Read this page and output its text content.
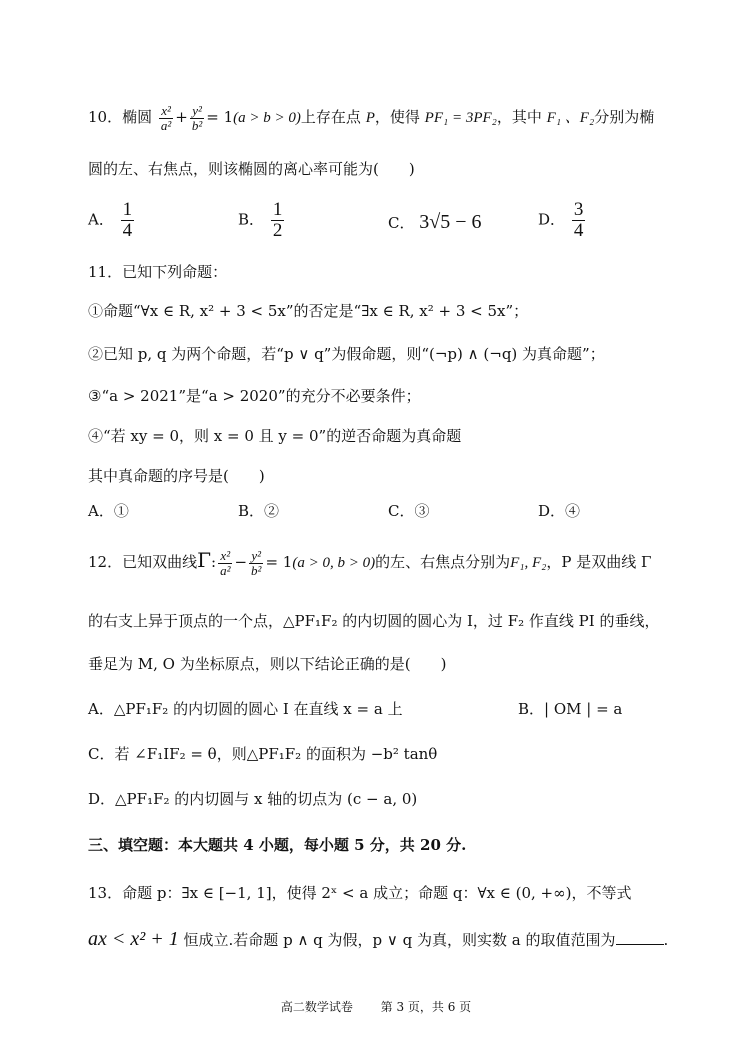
10．椭圆 $\frac{\text{x²}}{\text{a²}} + \frac{\text{y²}}{\text{b²}} = 1(a > b > 0)$上存在点 P，使得 PF₁ = 3PF₂，其中 F₁ 、F₂分别为椭
圆的左、右焦点，则该椭圆的离心率可能为(　　)
A． $\frac{1}{4}$	B． $\frac{1}{2}$	C． 3√5 − 6	D． $\frac{3}{4}$
11．已知下列命题：
①命题“∀x ∈ R, x² + 3 < 5x”的否定是“∃x ∈ R, x² + 3 < 5x”；
②已知 p, q 为两个命题，若“p ∨ q”为假命题，则“(¬p) ∧ (¬q) 为真命题”；
③“a > 2021”是“a > 2020”的充分不必要条件；
④“若 xy = 0，则 x = 0 且 y = 0”的逆否命题为真命题
其中真命题的序号是(　　)
A．①	B．②	C．③	D．④
12．已知双曲线Γ: $\frac{\text{x²}}{\text{a²}} - \frac{\text{y²}}{\text{b²}} = 1(a > 0$, b > 0)的左、右焦点分别为F₁, F₂，P 是双曲线 Γ
的右支上异于顶点的一个点，△PF₁F₂ 的内切圆的圆心为 I，过 F₂ 作直线 PI 的垂线，
垂足为 M, O 为坐标原点，则以下结论正确的是(　　)
A．△PF₁F₂ 的内切圆的圆心 I 在直线 x = a 上	B．| OM | = a
C．若 ∠F₁IF₂ = θ，则△PF₁F₂ 的面积为 −b² tanθ
D．△PF₁F₂ 的内切圆与 x 轴的切点为 (c − a, 0)
三、填空题：本大题共 4 小题，每小题 5 分，共 20 分.
13．命题 p：∃x ∈ [−1, 1]，使得 2ˣ < a 成立；命题 q：∀x ∈ (0, +∞)，不等式
ax < x² + 1 恒成立.若命题 p ∧ q 为假，p ∨ q 为真，则实数 a 的取值范围为	.
高二数学试卷 第 3 页，共 6 页
